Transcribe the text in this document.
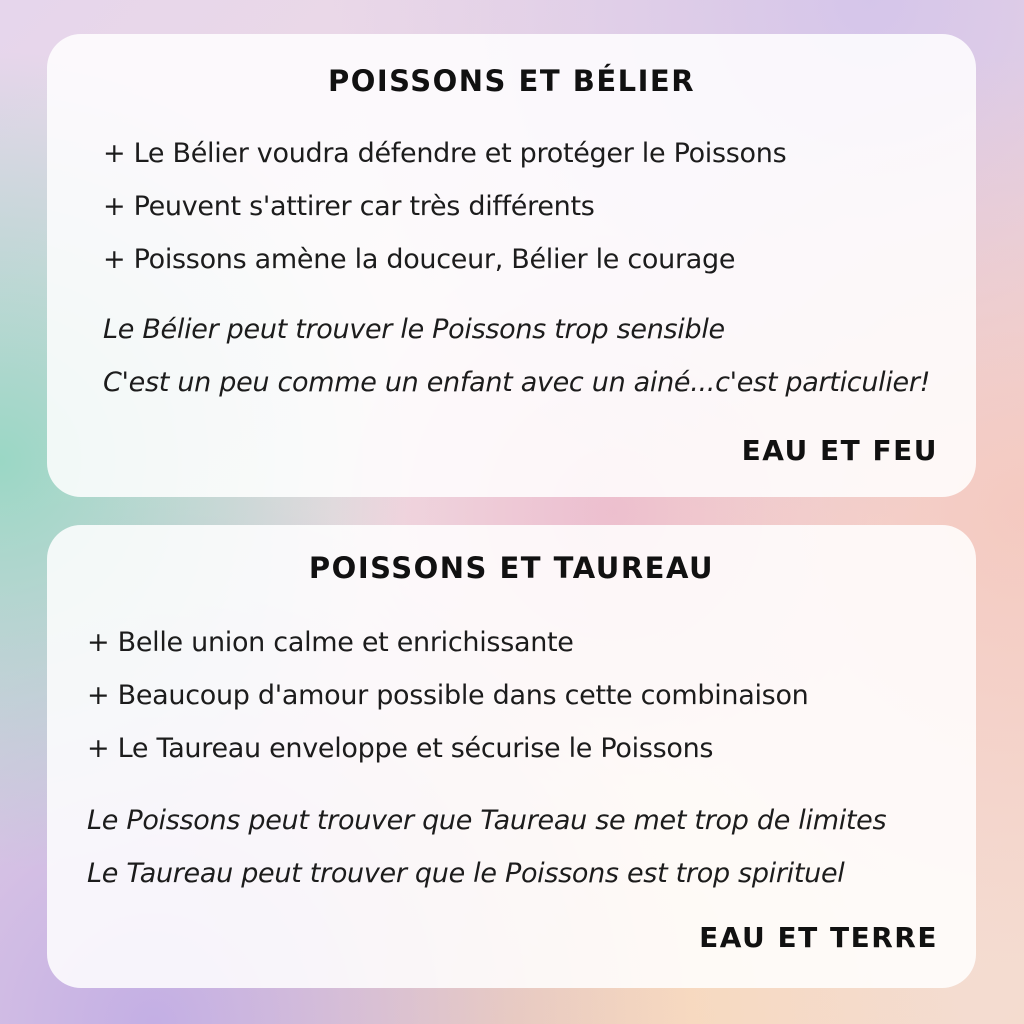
POISSONS ET BÉLIER
+ Le Bélier voudra défendre et protéger le Poissons
+ Peuvent s'attirer car très différents
+ Poissons amène la douceur, Bélier le courage
Le Bélier peut trouver le Poissons trop sensible
C'est un peu comme un enfant avec un ainé...c'est particulier!
EAU ET FEU
POISSONS ET TAUREAU
+ Belle union calme et enrichissante
+ Beaucoup d'amour possible dans cette combinaison
+ Le Taureau enveloppe et sécurise le Poissons
Le Poissons peut trouver que Taureau se met trop de limites
Le Taureau peut trouver que le Poissons est trop spirituel
EAU ET TERRE
